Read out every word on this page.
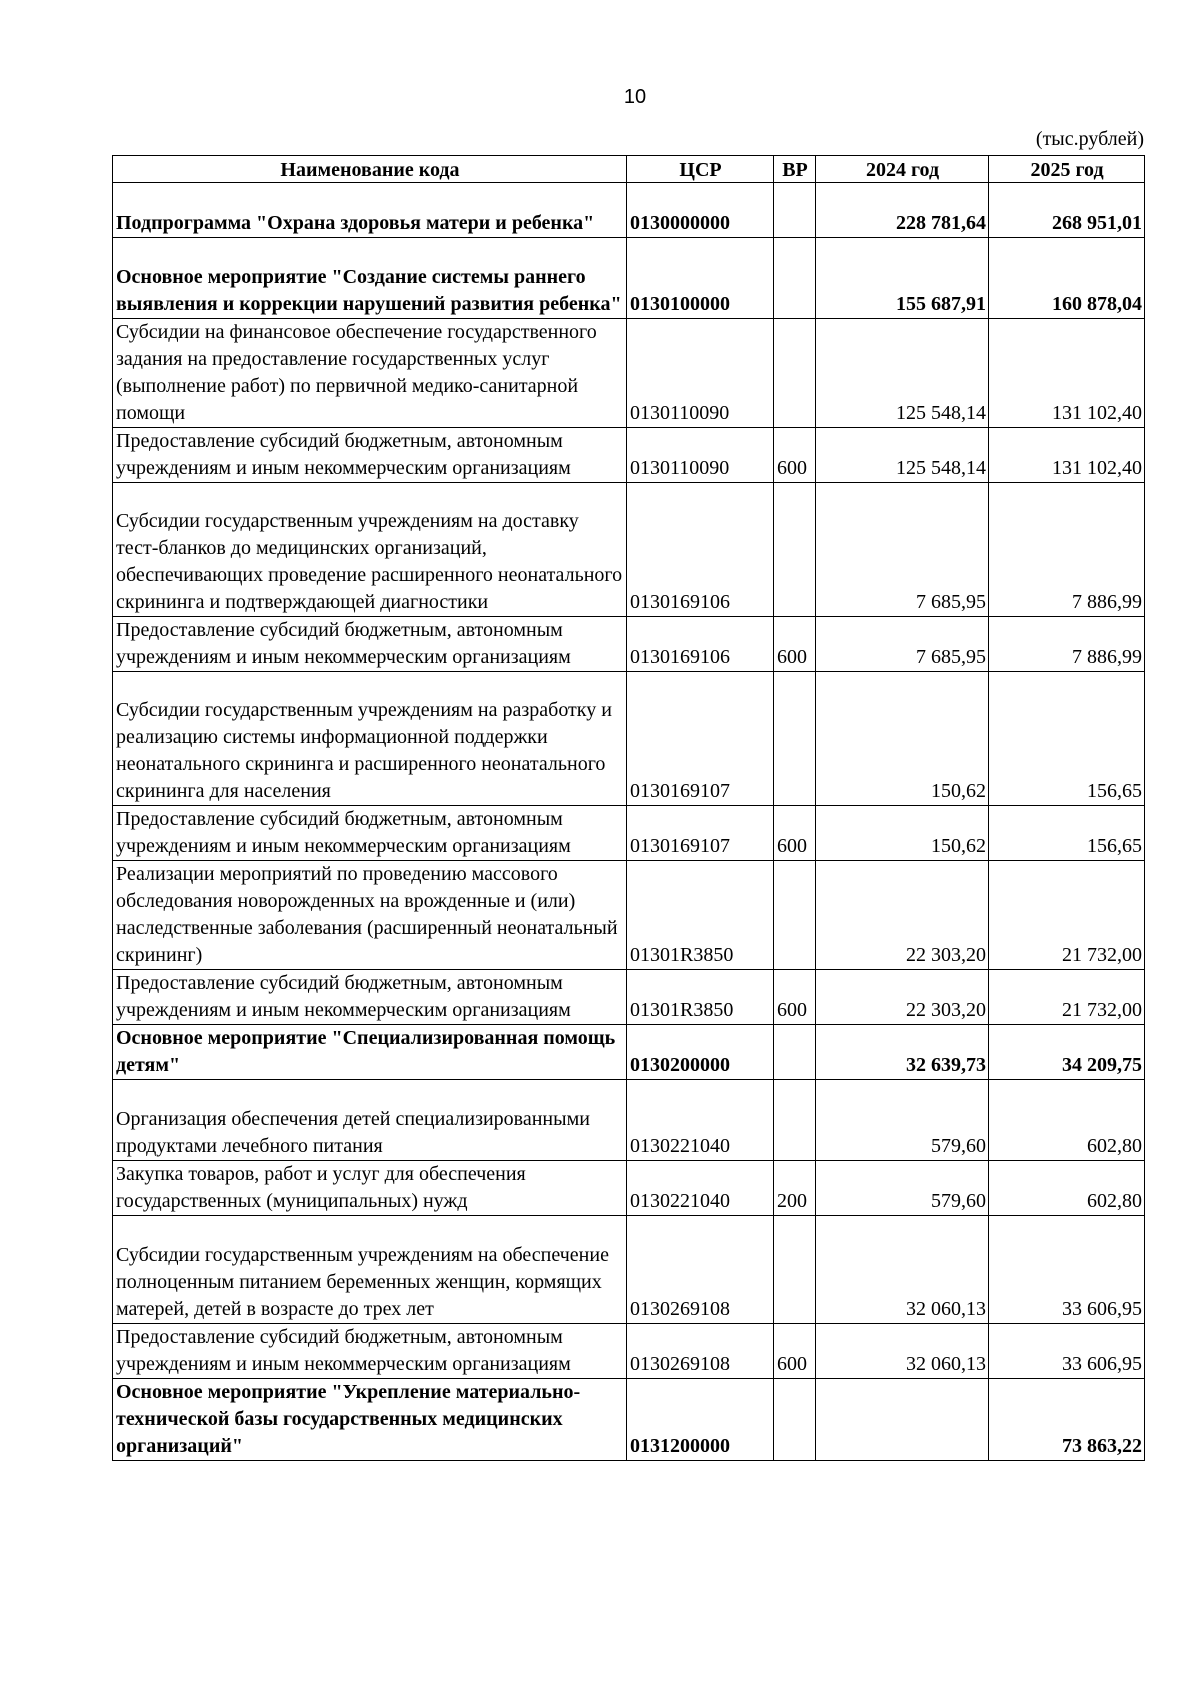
10
(тыс.рублей)
Наименование кода	ЦСР	ВР	2024 год	2025 год
Подпрограмма "Охрана здоровья матери и ребенка"	0130000000		228 781,64	268 951,01
Основное мероприятие "Создание системы раннего выявления и коррекции нарушений развития ребенка"	0130100000		155 687,91	160 878,04
Субсидии на финансовое обеспечение государственного задания на предоставление государственных услуг (выполнение работ) по первичной медико-санитарной помощи	0130110090		125 548,14	131 102,40
Предоставление субсидий бюджетным, автономным учреждениям и иным некоммерческим организациям	0130110090	600	125 548,14	131 102,40
Субсидии государственным учреждениям на доставку тест-бланков до медицинских организаций, обеспечивающих проведение расширенного неонатального скрининга и подтверждающей диагностики	0130169106		7 685,95	7 886,99
Предоставление субсидий бюджетным, автономным учреждениям и иным некоммерческим организациям	0130169106	600	7 685,95	7 886,99
Субсидии государственным учреждениям на разработку и реализацию системы информационной поддержки неонатального скрининга и расширенного неонатального скрининга для населения	0130169107		150,62	156,65
Предоставление субсидий бюджетным, автономным учреждениям и иным некоммерческим организациям	0130169107	600	150,62	156,65
Реализации мероприятий по проведению массового обследования новорожденных на врожденные и (или) наследственные заболевания (расширенный неонатальный скрининг)	01301R3850		22 303,20	21 732,00
Предоставление субсидий бюджетным, автономным учреждениям и иным некоммерческим организациям	01301R3850	600	22 303,20	21 732,00
Основное мероприятие "Специализированная помощь детям"	0130200000		32 639,73	34 209,75
Организация обеспечения детей специализированными продуктами лечебного питания	0130221040		579,60	602,80
Закупка товаров, работ и услуг для обеспечения государственных (муниципальных) нужд	0130221040	200	579,60	602,80
Субсидии государственным учреждениям на обеспечение полноценным питанием беременных женщин, кормящих матерей, детей в возрасте до трех лет	0130269108		32 060,13	33 606,95
Предоставление субсидий бюджетным, автономным учреждениям и иным некоммерческим организациям	0130269108	600	32 060,13	33 606,95
Основное мероприятие "Укрепление материально-технической базы государственных медицинских организаций"	0131200000			73 863,22
